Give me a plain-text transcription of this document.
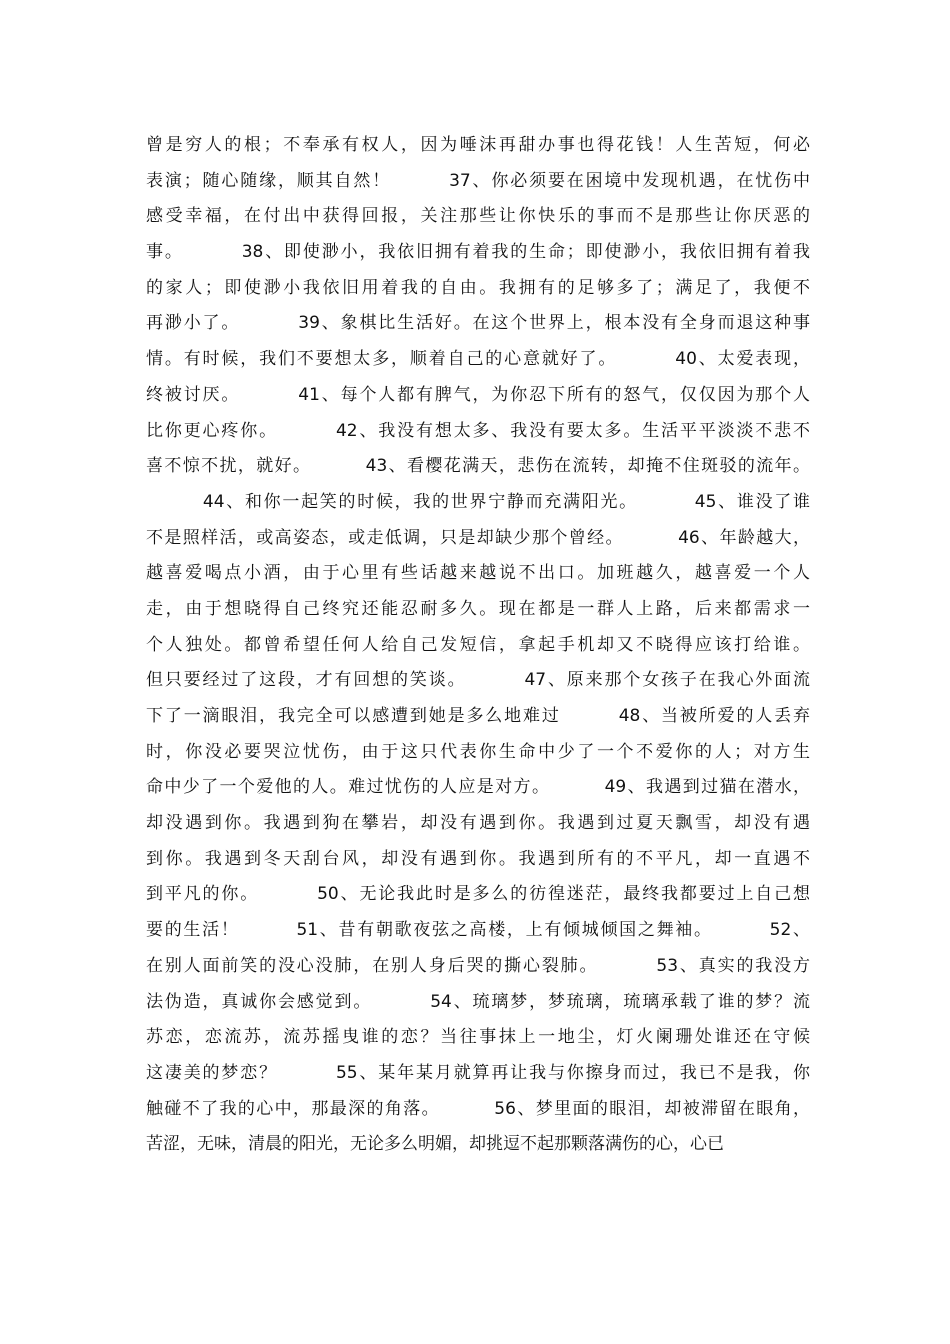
曾是穷人的根；不奉承有权人，因为唾沫再甜办事也得花钱！人生苦短，何必
表演；随心随缘，顺其自然！        37、你必须要在困境中发现机遇，在忧伤中
感受幸福，在付出中获得回报，关注那些让你快乐的事而不是那些让你厌恶的
事。        38、即使渺小，我依旧拥有着我的生命；即使渺小，我依旧拥有着我
的家人；即使渺小我依旧用着我的自由。我拥有的足够多了；满足了，我便不
再渺小了。        39、象棋比生活好。在这个世界上，根本没有全身而退这种事
情。有时候，我们不要想太多，顺着自己的心意就好了。        40、太爱表现，
终被讨厌。        41、每个人都有脾气，为你忍下所有的怒气，仅仅因为那个人
比你更心疼你。        42、我没有想太多、我没有要太多。生活平平淡淡不悲不
喜不惊不扰，就好。        43、看樱花满天，悲伤在流转，却掩不住斑驳的流年。
44、和你一起笑的时候，我的世界宁静而充满阳光。        45、谁没了谁
不是照样活，或高姿态，或走低调，只是却缺少那个曾经。        46、年龄越大，
越喜爱喝点小酒，由于心里有些话越来越说不出口。加班越久，越喜爱一个人
走，由于想晓得自己终究还能忍耐多久。现在都是一群人上路，后来都需求一
个人独处。都曾希望任何人给自己发短信，拿起手机却又不晓得应该打给谁。
但只要经过了这段，才有回想的笑谈。        47、原来那个女孩子在我心外面流
下了一滴眼泪，我完全可以感遭到她是多么地难过        48、当被所爱的人丢弃
时，你没必要哭泣忧伤，由于这只代表你生命中少了一个不爱你的人；对方生
命中少了一个爱他的人。难过忧伤的人应是对方。        49、我遇到过猫在潜水，
却没遇到你。我遇到狗在攀岩，却没有遇到你。我遇到过夏天飘雪，却没有遇
到你。我遇到冬天刮台风，却没有遇到你。我遇到所有的不平凡，却一直遇不
到平凡的你。        50、无论我此时是多么的彷徨迷茫，最终我都要过上自己想
要的生活！        51、昔有朝歌夜弦之高楼，上有倾城倾国之舞袖。        52、
在别人面前笑的没心没肺，在别人身后哭的撕心裂肺。        53、真实的我没方
法伪造，真诚你会感觉到。        54、琉璃梦，梦琉璃，琉璃承载了谁的梦？流
苏恋，恋流苏，流苏摇曳谁的恋？当往事抹上一地尘，灯火阑珊处谁还在守候
这凄美的梦恋？        55、某年某月就算再让我与你擦身而过，我已不是我，你
触碰不了我的心中，那最深的角落。        56、梦里面的眼泪，却被滞留在眼角，
苦涩，无味，清晨的阳光，无论多么明媚，却挑逗不起那颗落满伤的心，心已
